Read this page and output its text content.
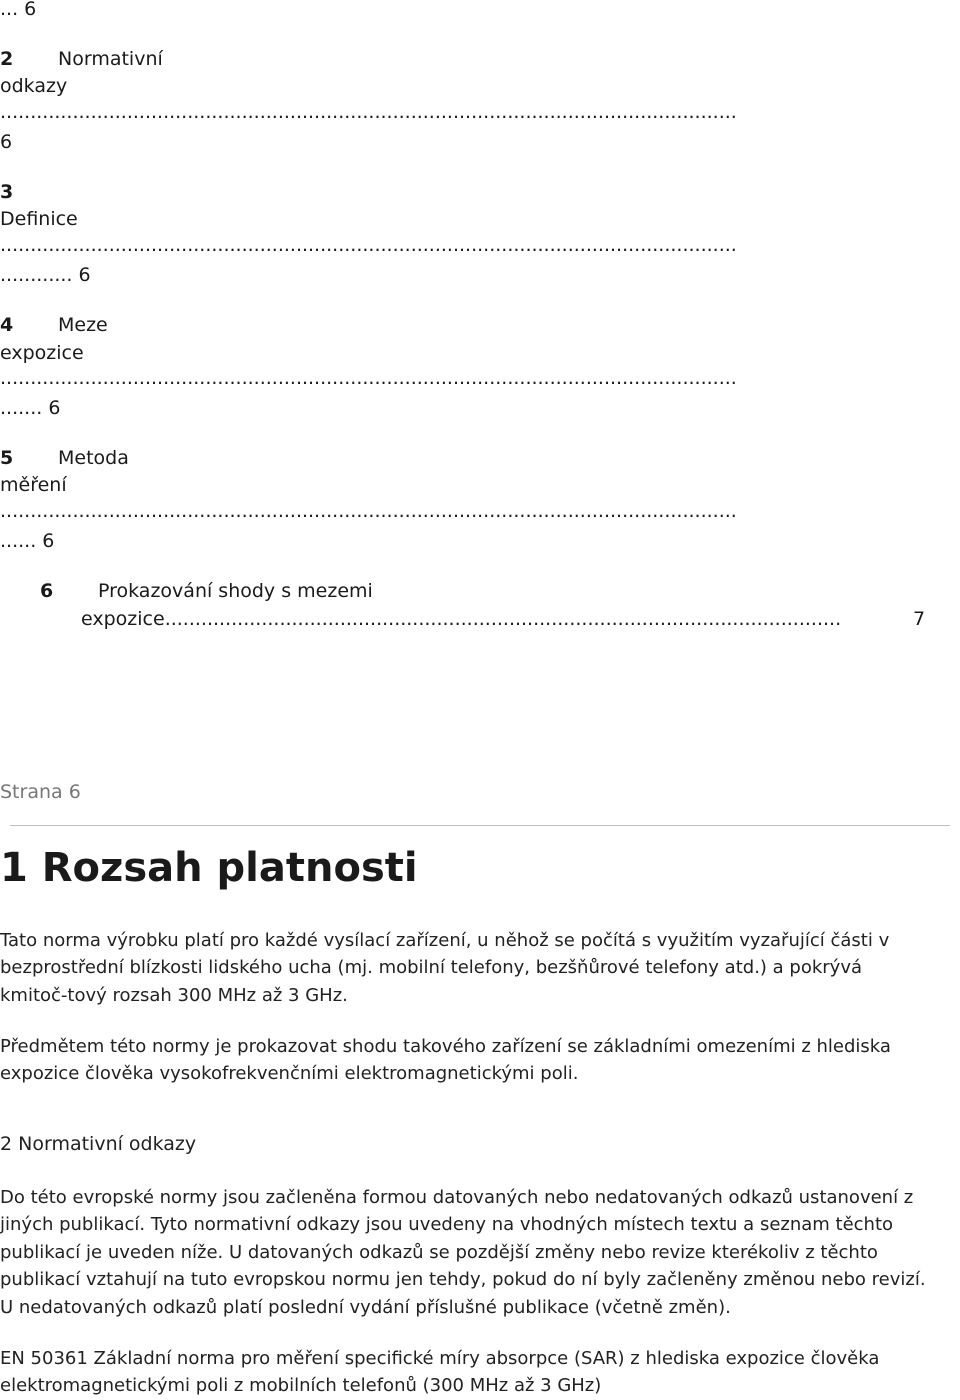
... 6
2 Normativní
odkazy
..........................................................................................................................
6
3
Definice
..........................................................................................................................
............ 6
4 Meze
expozice
..........................................................................................................................
....... 6
5 Metoda
měření
..........................................................................................................................
...... 6
6 Prokazování shody s mezemi
expozice................................................................................................................	7
Strana 6
1 Rozsah platnosti
Tato norma výrobku platí pro každé vysílací zařízení, u něhož se počítá s využitím vyzařující části v
bezprostřední blízkosti lidského ucha (mj. mobilní telefony, bezšňůrové telefony atd.) a pokrývá
kmitoč-tový rozsah 300 MHz až 3 GHz.
Předmětem této normy je prokazovat shodu takového zařízení se základními omezeními z hlediska
expozice člověka vysokofrekvenčními elektromagnetickými poli.
2 Normativní odkazy
Do této evropské normy jsou začleněna formou datovaných nebo nedatovaných odkazů ustanovení z
jiných publikací. Tyto normativní odkazy jsou uvedeny na vhodných místech textu a seznam těchto
publikací je uveden níže. U datovaných odkazů se pozdější změny nebo revize kterékoliv z těchto
publikací vztahují na tuto evropskou normu jen tehdy, pokud do ní byly začleněny změnou nebo revizí.
U nedatovaných odkazů platí poslední vydání příslušné publikace (včetně změn).
EN 50361 Základní norma pro měření specifické míry absorpce (SAR) z hlediska expozice člověka
elektromagnetickými poli z mobilních telefonů (300 MHz až 3 GHz)
